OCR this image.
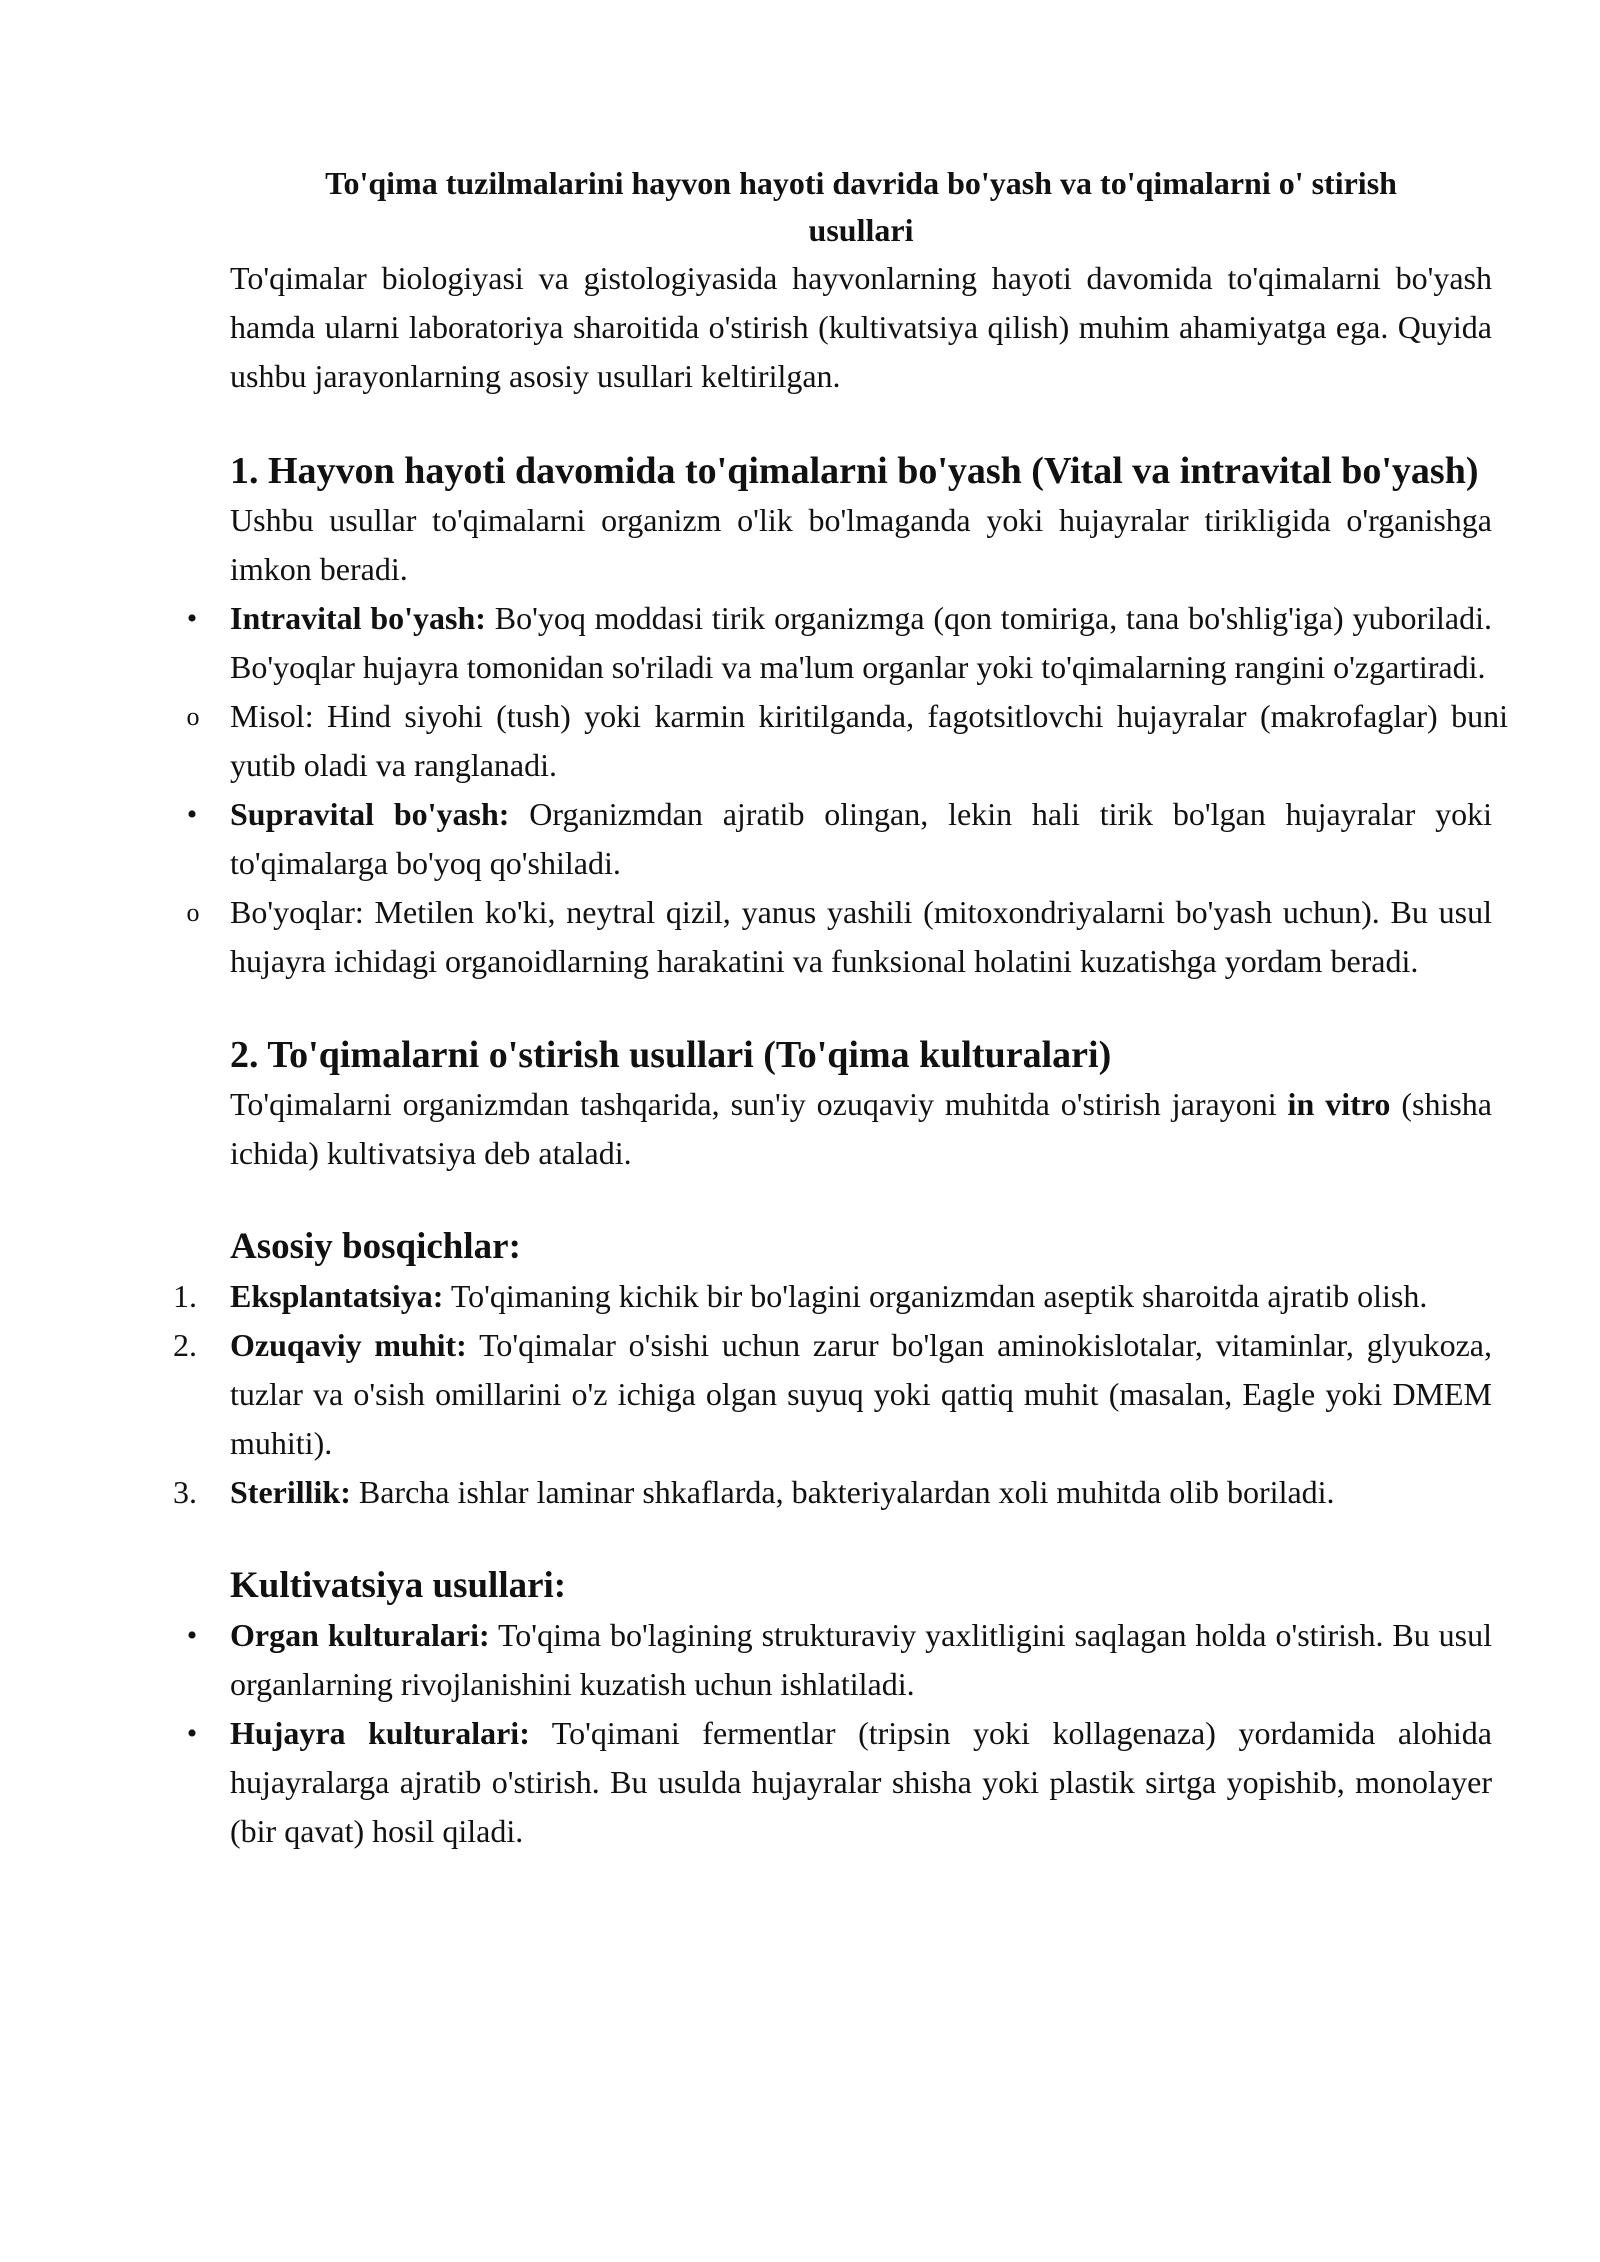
To'qima tuzilmalarini hayvon hayoti davrida bo'yash va to'qimalarni o' stirish usullari

To'qimalar biologiyasi va gistologiyasida hayvonlarning hayoti davomida to'qimalarni bo'yash hamda ularni laboratoriya sharoitida o'stirish (kultivatsiya qilish) muhim ahamiyatga ega. Quyida ushbu jarayonlarning asosiy usullari keltirilgan.

1. Hayvon hayoti davomida to'qimalarni bo'yash (Vital va intravital bo'yash)

Ushbu usullar to'qimalarni organizm o'lik bo'lmaganda yoki hujayralar tirikligida o'rganishga imkon beradi.

•	Intravital bo'yash: Bo'yoq moddasi tirik organizmga (qon tomiriga, tana bo'shlig'iga) yuboriladi. Bo'yoqlar hujayra tomonidan so'riladi va ma'lum organlar yoki to'qimalarning rangini o'zgartiradi.
o Misol: Hind siyohi (tush) yoki karmin kiritilganda, fagotsitlovchi hujayralar (makrofaglar) buni yutib oladi va ranglanadi.
•	Supravital bo'yash: Organizmdan ajratib olingan, lekin hali tirik bo'lgan hujayralar yoki to'qimalarga bo'yoq qo'shiladi.
o Bo'yoqlar: Metilen ko'ki, neytral qizil, yanus yashili (mitoxondriyalarni bo'yash uchun). Bu usul hujayra ichidagi organoidlarning harakatini va funksional holatini kuzatishga yordam beradi.
2. To'qimalarni o'stirish usullari (To'qima kulturalari)

To'qimalarni organizmdan tashqarida, sun'iy ozuqaviy muhitda o'stirish jarayoni in vitro (shisha ichida) kultivatsiya deb ataladi.

Asosiy bosqichlar:
1.	Eksplantatsiya: To'qimaning kichik bir bo'lagini organizmdan aseptik sharoitda ajratib olish.
2.	Ozuqaviy muhit: To'qimalar o'sishi uchun zarur bo'lgan aminokislotalar, vitaminlar, glyukoza, tuzlar va o'sish omillarini o'z ichiga olgan suyuq yoki qattiq muhit (masalan, Eagle yoki DMEM muhiti).
3.	Sterillik: Barcha ishlar laminar shkaflarda, bakteriyalardan xoli muhitda olib boriladi.
Kultivatsiya usullari:
•	Organ kulturalari: To'qima bo'lagining strukturaviy yaxlitligini saqlagan holda o'stirish. Bu usul organlarning rivojlanishini kuzatish uchun ishlatiladi.
•	Hujayra kulturalari: To'qimani fermentlar (tripsin yoki kollagenaza) yordamida alohida hujayralarga ajratib o'stirish. Bu usulda hujayralar shisha yoki plastik sirtga yopishib, monolayer (bir qavat) hosil qiladi.
